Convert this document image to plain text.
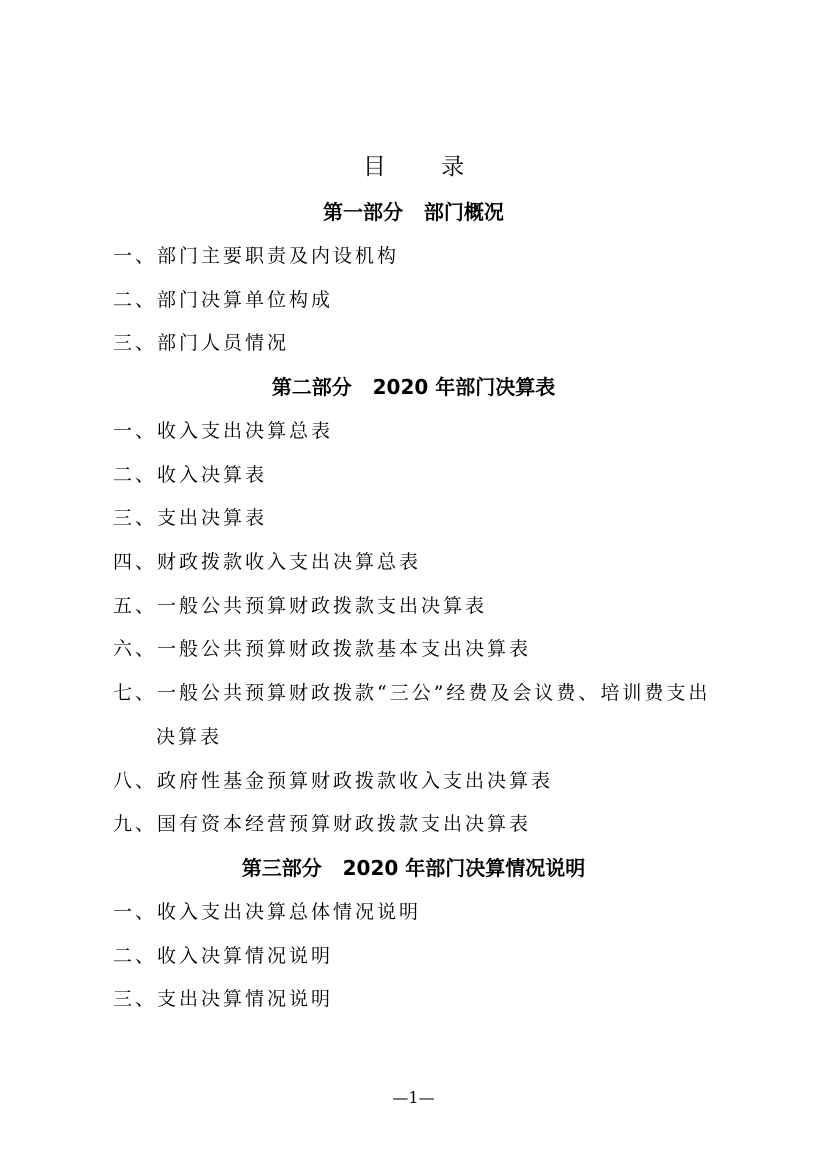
目 录
第一部分   部门概况
一、部门主要职责及内设机构
二、部门决算单位构成
三、部门人员情况
第二部分   2020 年部门决算表
一、收入支出决算总表
二、收入决算表
三、支出决算表
四、财政拨款收入支出决算总表
五、一般公共预算财政拨款支出决算表
六、一般公共预算财政拨款基本支出决算表
七、一般公共预算财政拨款“三公”经费及会议费、培训费支出
决算表
八、政府性基金预算财政拨款收入支出决算表
九、国有资本经营预算财政拨款支出决算表
第三部分   2020 年部门决算情况说明
一、收入支出决算总体情况说明
二、收入决算情况说明
三、支出决算情况说明
—1—
